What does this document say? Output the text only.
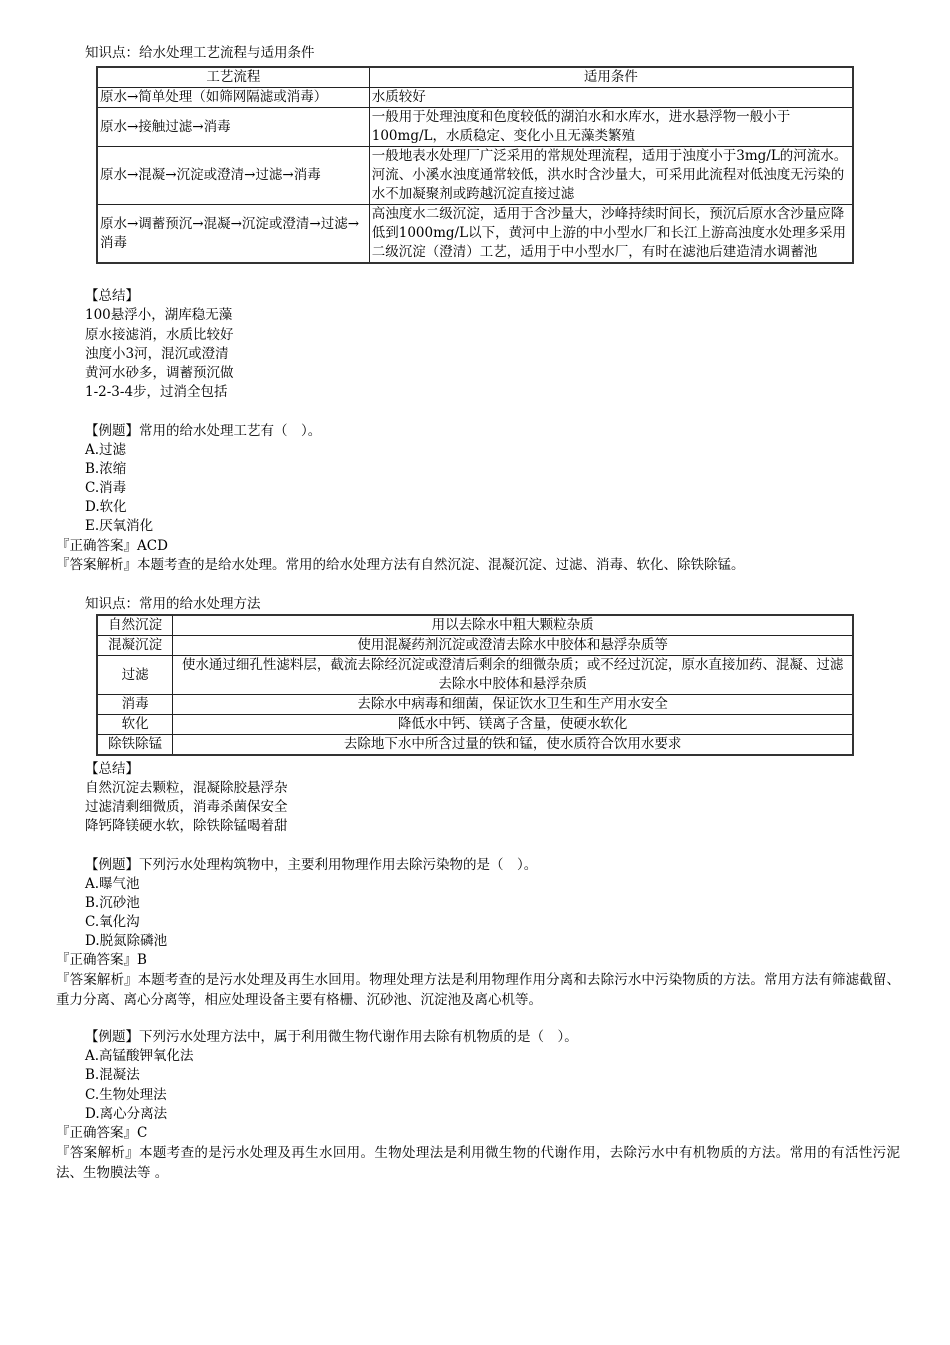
知识点：给水处理工艺流程与适用条件
工艺流程	适用条件
原水→简单处理（如筛网隔滤或消毒）	水质较好
原水→接触过滤→消毒	一般用于处理浊度和色度较低的湖泊水和水库水，进水悬浮物一般小于100mg/L，水质稳定、变化小且无藻类繁殖
原水→混凝→沉淀或澄清→过滤→消毒	一般地表水处理厂广泛采用的常规处理流程，适用于浊度小于3mg/L的河流水。河流、小溪水浊度通常较低，洪水时含沙量大，可采用此流程对低浊度无污染的水不加凝聚剂或跨越沉淀直接过滤
原水→调蓄预沉→混凝→沉淀或澄清→过滤→消毒	高浊度水二级沉淀，适用于含沙量大，沙峰持续时间长，预沉后原水含沙量应降低到1000mg/L以下，黄河中上游的中小型水厂和长江上游高浊度水处理多采用二级沉淀（澄清）工艺，适用于中小型水厂，有时在滤池后建造清水调蓄池
【总结】
100悬浮小，湖库稳无藻
原水接滤消，水质比较好
浊度小3河，混沉或澄清
黄河水砂多，调蓄预沉做
1-2-3-4步，过消全包括
【例题】常用的给水处理工艺有（　）。
A.过滤
B.浓缩
C.消毒
D.软化
E.厌氧消化
『正确答案』ACD
『答案解析』本题考查的是给水处理。常用的给水处理方法有自然沉淀、混凝沉淀、过滤、消毒、软化、除铁除锰。
知识点：常用的给水处理方法
自然沉淀	用以去除水中粗大颗粒杂质
混凝沉淀	使用混凝药剂沉淀或澄清去除水中胶体和悬浮杂质等
过滤	使水通过细孔性滤料层，截流去除经沉淀或澄清后剩余的细微杂质；或不经过沉淀，原水直接加药、混凝、过滤去除水中胶体和悬浮杂质
消毒	去除水中病毒和细菌，保证饮水卫生和生产用水安全
软化	降低水中钙、镁离子含量，使硬水软化
除铁除锰	去除地下水中所含过量的铁和锰，使水质符合饮用水要求
【总结】
自然沉淀去颗粒，混凝除胶悬浮杂
过滤清剩细微质，消毒杀菌保安全
降钙降镁硬水软，除铁除锰喝着甜
【例题】下列污水处理构筑物中，主要利用物理作用去除污染物的是（　）。
A.曝气池
B.沉砂池
C.氧化沟
D.脱氮除磷池
『正确答案』B
『答案解析』本题考查的是污水处理及再生水回用。物理处理方法是利用物理作用分离和去除污水中污染物质的方法。常用方法有筛滤截留、重力分离、离心分离等，相应处理设备主要有格栅、沉砂池、沉淀池及离心机等。
【例题】下列污水处理方法中，属于利用微生物代谢作用去除有机物质的是（　）。
A.高锰酸钾氧化法
B.混凝法
C.生物处理法
D.离心分离法
『正确答案』C
『答案解析』本题考查的是污水处理及再生水回用。生物处理法是利用微生物的代谢作用，去除污水中有机物质的方法。常用的有活性污泥法、生物膜法等 。
